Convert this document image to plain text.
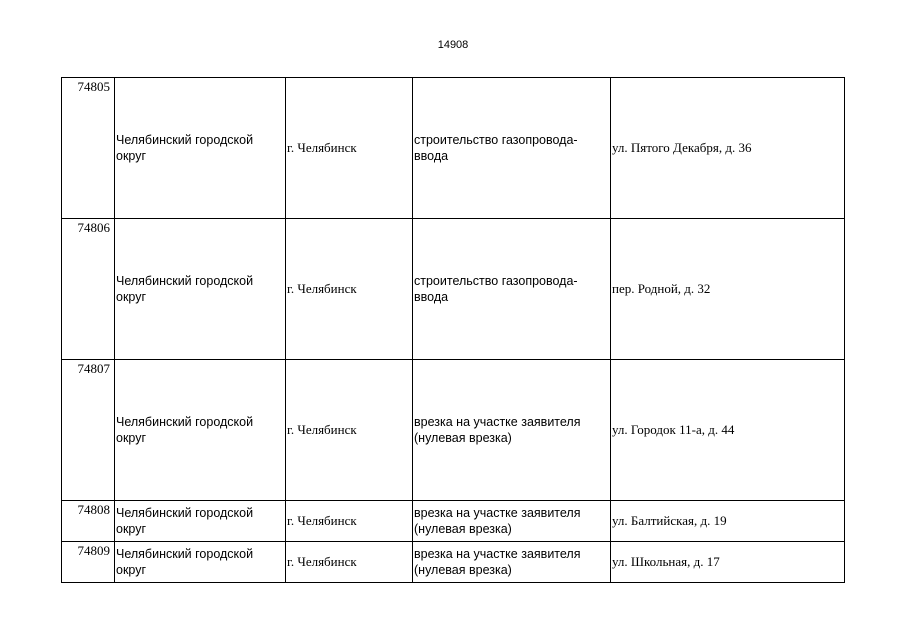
14908
74805	Челябинский городской округ	г. Челябинск	строительство газопровода-ввода	ул. Пятого Декабря, д. 36
74806	Челябинский городской округ	г. Челябинск	строительство газопровода-ввода	пер. Родной, д. 32
74807	Челябинский городской округ	г. Челябинск	врезка на участке заявителя (нулевая врезка)	ул. Городок 11-а, д. 44
74808	Челябинский городской округ	г. Челябинск	врезка на участке заявителя (нулевая врезка)	ул. Балтийская, д. 19
74809	Челябинский городской округ	г. Челябинск	врезка на участке заявителя (нулевая врезка)	ул. Школьная, д. 17
